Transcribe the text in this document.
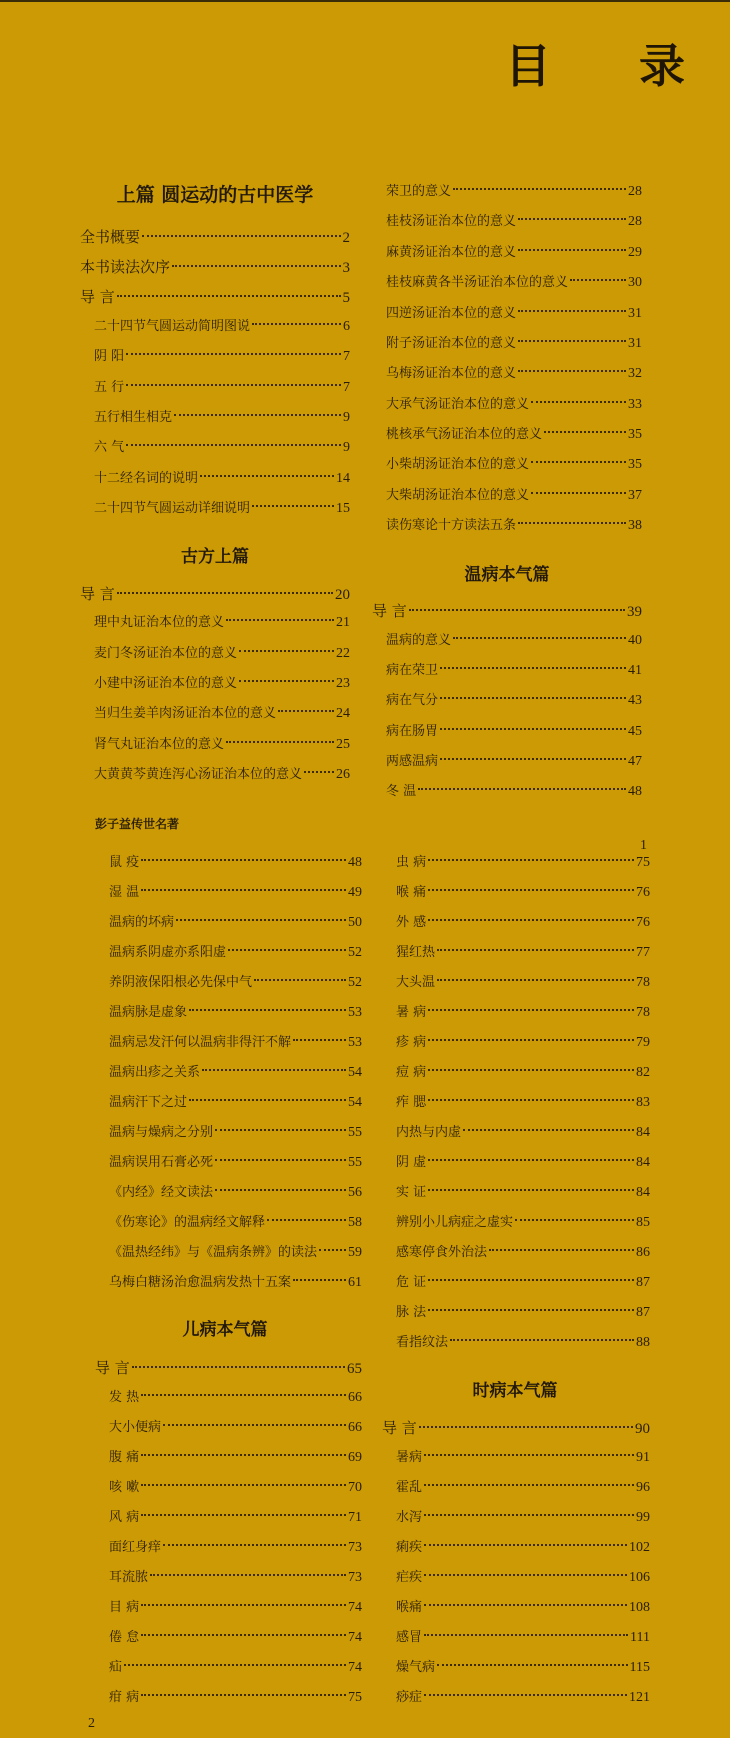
目 录
彭子益传世名著
1
2
上篇 圆运动的古中医学
古方上篇
温病本气篇
儿病本气篇
时病本气篇
全书概要	2
本书读法次序	3
导 言	5
二十四节气圆运动简明图说	6
阴 阳	7
五 行	7
五行相生相克	9
六 气	9
十二经名词的说明	14
二十四节气圆运动详细说明	15
导 言	20
理中丸证治本位的意义	21
麦门冬汤证治本位的意义	22
小建中汤证治本位的意义	23
当归生姜羊肉汤证治本位的意义	24
肾气丸证治本位的意义	25
大黄黄芩黄连泻心汤证治本位的意义 26
荣卫的意义	28
桂枝汤证治本位的意义	28
麻黄汤证治本位的意义	29
桂枝麻黄各半汤证治本位的意义	30
四逆汤证治本位的意义	31
附子汤证治本位的意义	31
乌梅汤证治本位的意义	32
大承气汤证治本位的意义	33
桃核承气汤证治本位的意义	35
小柴胡汤证治本位的意义	35
大柴胡汤证治本位的意义	37
读伤寒论十方读法五条	38
导 言	39
温病的意义	40
病在荣卫	41
病在气分	43
病在肠胃	45
两感温病	47
冬 温	48
鼠 疫	48
湿 温	49
温病的坏病	50
温病系阴虚亦系阳虚	52
养阴液保阳根必先保中气	52
温病脉是虚象	53
温病忌发汗何以温病非得汗不解	53
温病出疹之关系	54
温病汗下之过	54
温病与燥病之分别	55
温病误用石膏必死	55
《内经》经文读法	56
《伤寒论》的温病经文解释	58
《温热经纬》与《温病条辨》的读法 59
乌梅白糖汤治愈温病发热十五案	61
导 言	65
发 热	66
大小便病	66
腹 痛	69
咳 嗽	70
风 病	71
面红身痒	73
耳流脓	73
目 病	74
倦 怠	74
疝	74
疳 病	75
虫 病	75
喉 痛	76
外 感	76
猩红热	77
大头温	78
暑 病	78
疹 病	79
痘 病	82
痄 腮	83
内热与内虚	84
阴 虚	84
实 证	84
辨别小儿病症之虚实	85
感寒停食外治法	86
危 证	87
脉 法	87
看指纹法	88
导 言	90
暑病	91
霍乱	96
水泻	99
痢疾	102
疟疾	106
喉痛	108
感冒	111
燥气病	115
痧症	121
